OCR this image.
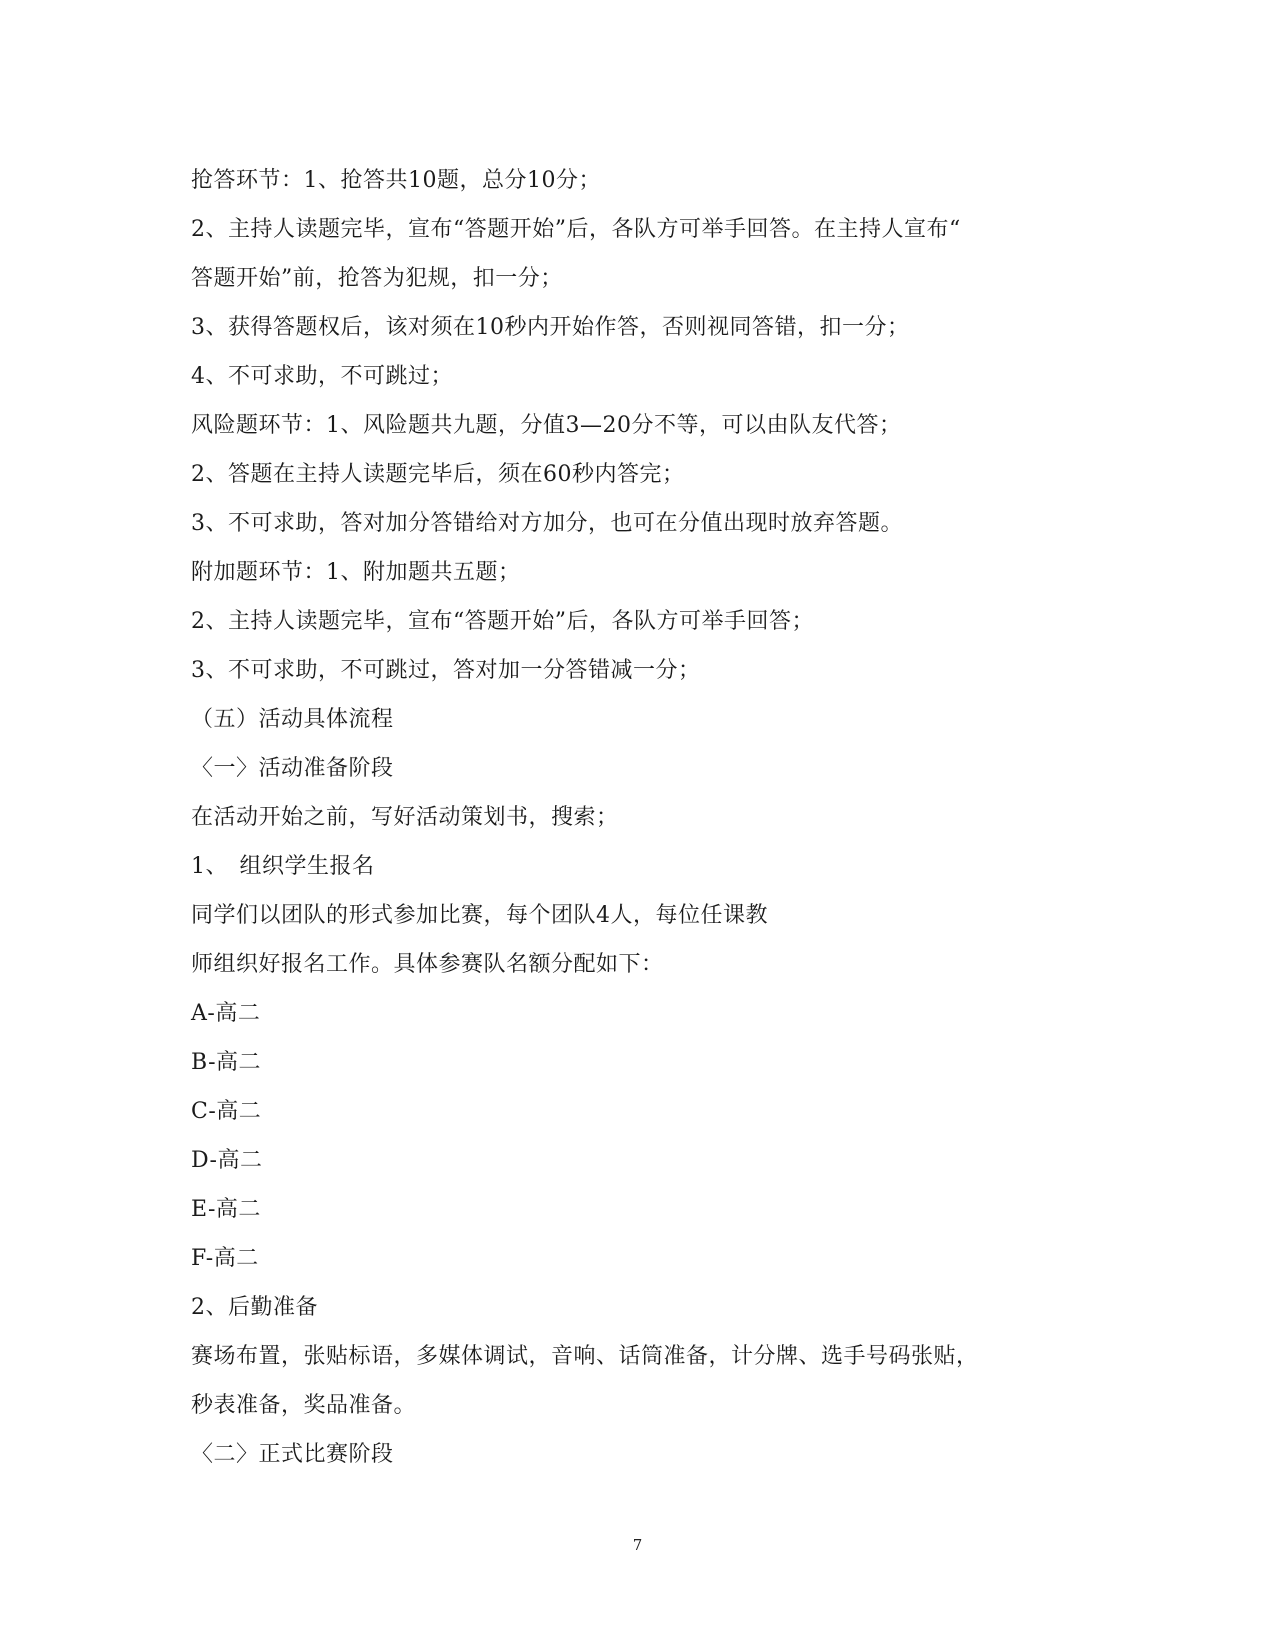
抢答环节：1、抢答共10题，总分10分；
2、主持人读题完毕，宣布“答题开始”后，各队方可举手回答。在主持人宣布“
答题开始”前，抢答为犯规，扣一分；
3、获得答题权后，该对须在10秒内开始作答，否则视同答错，扣一分；
4、不可求助，不可跳过；
风险题环节：1、风险题共九题，分值3—20分不等，可以由队友代答；
2、答题在主持人读题完毕后，须在60秒内答完；
3、不可求助，答对加分答错给对方加分，也可在分值出现时放弃答题。
附加题环节：1、附加题共五题；
2、主持人读题完毕，宣布“答题开始”后，各队方可举手回答；
3、不可求助，不可跳过，答对加一分答错减一分；
（五）活动具体流程
〈一〉活动准备阶段
在活动开始之前，写好活动策划书，搜索；
1、　组织学生报名
同学们以团队的形式参加比赛，每个团队4人，每位任课教
师组织好报名工作。具体参赛队名额分配如下：
A-高二
B-高二
C-高二
D-高二
E-高二
F-高二
2、后勤准备
赛场布置，张贴标语，多媒体调试，音响、话筒准备，计分牌、选手号码张贴，
秒表准备，奖品准备。
〈二〉正式比赛阶段
7
